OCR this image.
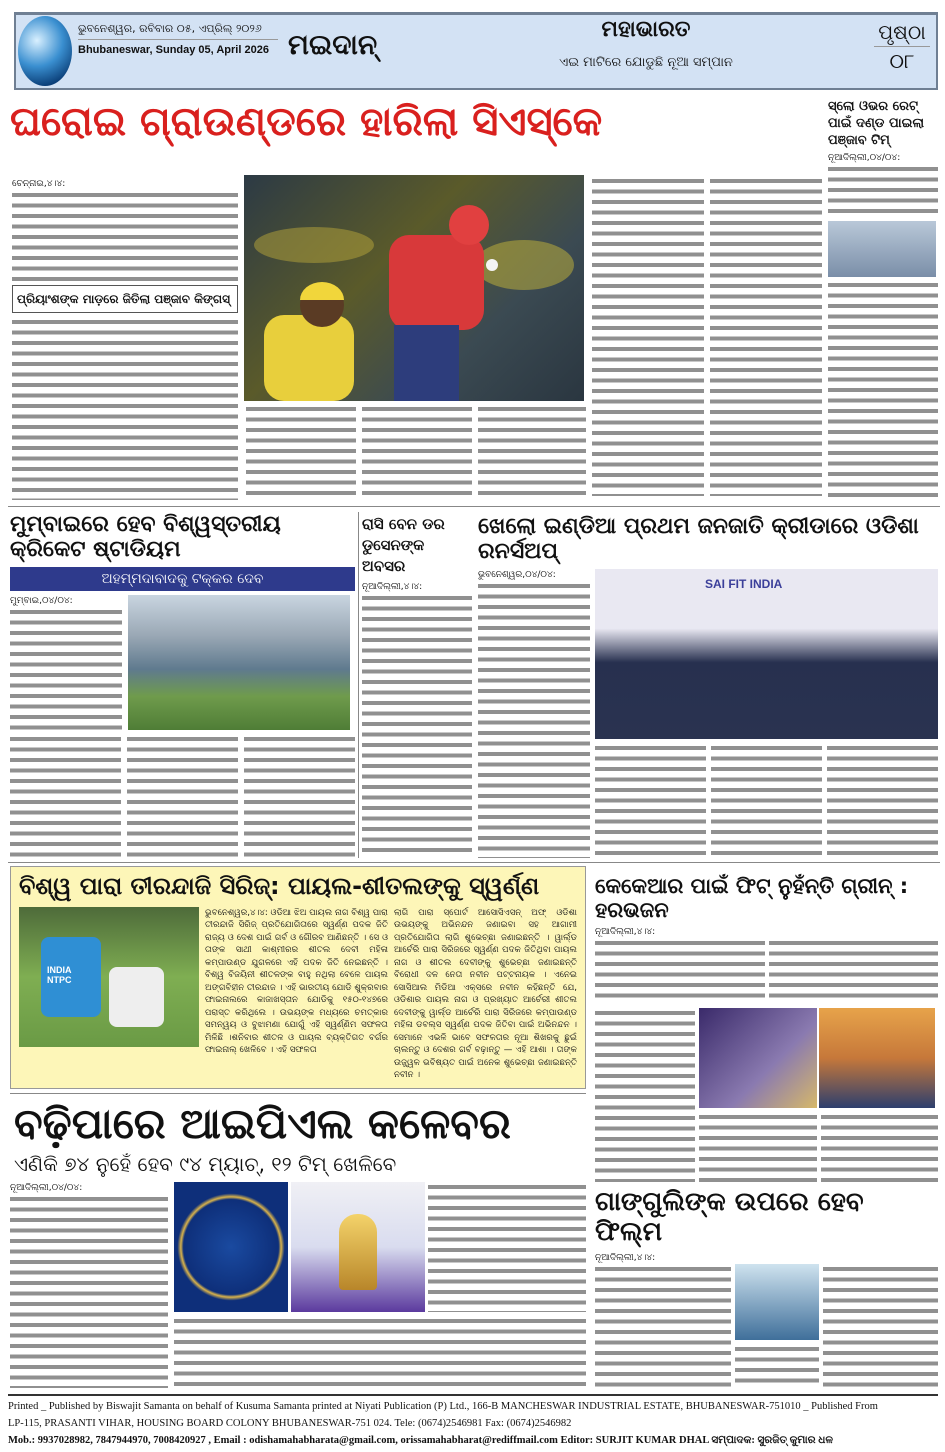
ଭୁବନେଶ୍ୱର, ରବିବାର ୦୫, ଏପ୍ରିଲ୍ ୨୦୨୬
Bhubaneswar, Sunday 05, April 2026 ମଇଦାନ୍	ମହାଭାରତ
ଏଇ ମାଟିରେ ଯୋଡୁଛି ନୂଆ ସମ୍ପାନ
ପୃଷ୍ଠା
୦୮
ଘରୋଇ ଗ୍ରାଉଣ୍ଡରେ ହାରିଲା ସିଏସ୍‌କେ	ସ୍ଲୋ ଓଭର ରେଟ୍ ପାଇଁ ଦଣ୍ଡ ପାଇଲା ପଞ୍ଜାବ ଟିମ୍
ନୂଆଦିଲ୍ଲୀ,୦୪/୦୪:
ଚେନ୍ନାଇ,୪।୪:
ପ୍ରିୟାଂଶଙ୍କ ମାଡ଼ରେ ଜିତିଲା ପଞ୍ଜାବ କିଙ୍ଗସ୍
ମୁମ୍ବାଇରେ ହେବ ବିଶ୍ୱସ୍ତରୀୟ କ୍ରିକେଟ ଷ୍ଟାଡିୟମ
ଅହମ୍ମଦାବାଦକୁ ଟକ୍କର ଦେବ
ମୁମ୍ବାଇ,୦୪/୦୪:
ରାସି ବେନ ଡର ଡୁସେନଙ୍କ ଅବସର
ନୂଆଦିଲ୍ଲୀ,୪।୪:
ଖେଲୋ ଇଣ୍ଡିଆ ପ୍ରଥମ ଜନଜାତି କ୍ରୀଡାରେ ଓଡିଶା ରନର୍ସଅପ୍
ଭୁବନେଶ୍ୱର,୦୪/୦୪:
SAI FIT INDIA
ବିଶ୍ୱ ପାରା ତୀରନ୍ଦାଜି ସିରିଜ୍: ପାୟଲ-ଶୀତଲଙ୍କୁ ସ୍ୱର୍ଣ୍ଣ
INDIA NTPC
ଭୁବନେଶ୍ୱର,୪।୪: ଓଡିଆ ଝିଅ ପାୟଲ ନାଗ ବିଶ୍ୱ ପାରା ତୀରନ୍ଦାଜି ସିରିଜ୍ ପ୍ରତିଯୋଗିତାରେ ସ୍ୱର୍ଣ୍ଣ ପଦକ ଜିତି ରାଜ୍ୟ ଓ ଦେଶ ପାଇଁ ଗର୍ବ ଓ ଗୌରବ ଆଣିଛନ୍ତି । ସେ ଓ ତାଙ୍କ ସାଥୀ କାଶ୍ମୀରର ଶୀତଲ ଦେବୀ ମହିଳା କମ୍ପାଉଣ୍ଡ ଯୁଗଳରେ ଏହି ପଦକ ଜିତି ନେଇଛନ୍ତି । ବିଶ୍ୱ ବିଜୟିନୀ ଶୀତଳଙ୍କ ବାହୁ ନଥିଲା ବେଳେ ପାୟଲ ଅଙ୍ଗବିହୀନ ତୀରନ୍ଦାଜ । ଏହି ଭାରତୀୟ ଯୋଡି ଶୁକ୍ରବାର ଫାଇନାଲରେ କାଜାଖସ୍ତାନ ଯୋଡିକୁ ୧୫୦-୧୪୭ରେ ପରାସ୍ତ କରିଥିଲେ । ଉଭୟଙ୍କ ମଧ୍ୟରେ ଚମତ୍କାର ସମନ୍ୱୟ ଓ ବୁଝାମଣା ଯୋଗୁଁ ଏହି ସ୍ୱର୍ଣ୍ଣିମ ସଫଳତା ମିଳିଛି ।ଶନିବାର ଶୀତଳ ଓ ପାୟଲ ବ୍ୟକ୍ତିଗତ ବର୍ଗର ଫାଇନାଲ୍ ଖେଳିବେ । ଏହି ସଫଳତା
ଲାଗି ପାରା ସ୍ପୋର୍ଟ ଆସୋସିଏସନ୍ ଅଫ୍ ଓଡିଶା ଉଭୟଙ୍କୁ ଅଭିନନ୍ଦନ ଜଣାଇବା ସହ ଆଗାମୀ ପ୍ରତିଯୋଗିତା ଲାଗି ଶୁଭେଚ୍ଛା ଜଣାଇଛନ୍ତି । ୱାର୍ଲ୍ଡ ଆର୍ଚେରି ପାରା ସିରିଜରେ ସ୍ୱର୍ଣ୍ଣ ପଦକ ଜିତିଥିବା ପାୟଲ ନାଗ ଓ ଶୀତଲ ଦେବୀଙ୍କୁ ଶୁଭେଚ୍ଛା ଜଣାଇଛନ୍ତି ବିରୋଧୀ ଦଳ ନେତା ନବୀନ ପଟ୍ଟନାୟକ । ଏନେଇ ସୋସିଆଲ ମିଡିଆ ଏକ୍ସରେ ନବୀନ କହିଛନ୍ତି ଯେ, ଓଡିଶାର ପାୟଲ ନାଗ ଓ ପ୍ରଖ୍ୟାତ ଆର୍ଚେରୀ ଶୀତଲ ଦେବୀଙ୍କୁ ୱାର୍ଲ୍ଡ ଆର୍ଚେରି ପାରା ସିରିଜରେ କମ୍ପାଉଣ୍ଡ ମହିଳା ଡବଲ୍ସ ସ୍ୱର୍ଣ୍ଣ ପଦକ ଜିତିବା ପାଇଁ ଅଭିନନ୍ଦନ । ସେମାନେ ଏଭଳି ଭାବେ ସଫଳତାର ନୂଆ ଶିଖରକୁ ଛୁଇଁ ଚାଲନ୍ତୁ ଓ ଦେଶର ଗର୍ବ ବଢ଼ାନ୍ତୁ — ଏହି ଆଶା । ତାଙ୍କ ଉଜ୍ଜ୍ୱଳ ଭବିଷ୍ୟତ ପାଇଁ ଅନେକ ଶୁଭେଚ୍ଛା ଜଣାଇଛନ୍ତି ନବୀନ ।
ବଢ଼ିପାରେ ଆଇପିଏଲ କଳେବର
ଏଣିକି ୭୪ ନୁହେଁ ହେବ ୯୪ ମ୍ୟାଚ୍, ୧୨ ଟିମ୍ ଖେଳିବେ
ନୂଆଦିଲ୍ଲୀ,୦୪/୦୪:
କେକେଆର ପାଇଁ ଫିଟ୍ ନୁହଁନ୍ତି ଗ୍ରୀନ୍ : ହରଭଜନ
ନୂଆଦିଲ୍ଲୀ,୪।୪:
ଗାଙ୍ଗୁଲିଙ୍କ ଉପରେ ହେବ ଫିଲ୍ମ
ନୂଆଦିଲ୍ଲୀ,୪।୪:
Printed _ Published by Biswajit Samanta on behalf of Kusuma Samanta printed at Niyati Publication (P) Ltd., 166-B MANCHESWAR INDUSTRIAL ESTATE, BHUBANESWAR-751010 _ Published From
LP-115, PRASANTI VIHAR, HOUSING BOARD COLONY BHUBANESWAR-751 024. Tele: (0674)2546981 Fax: (0674)2546982
Mob.: 9937028982, 7847944970, 7008420927 , Email : odishamahabharata@gmail.com, orissamahabharat@rediffmail.com Editor: SURJIT KUMAR DHAL ସମ୍ପାଦକ: ସୁରଜିତ୍ କୁମାର ଧଳ
